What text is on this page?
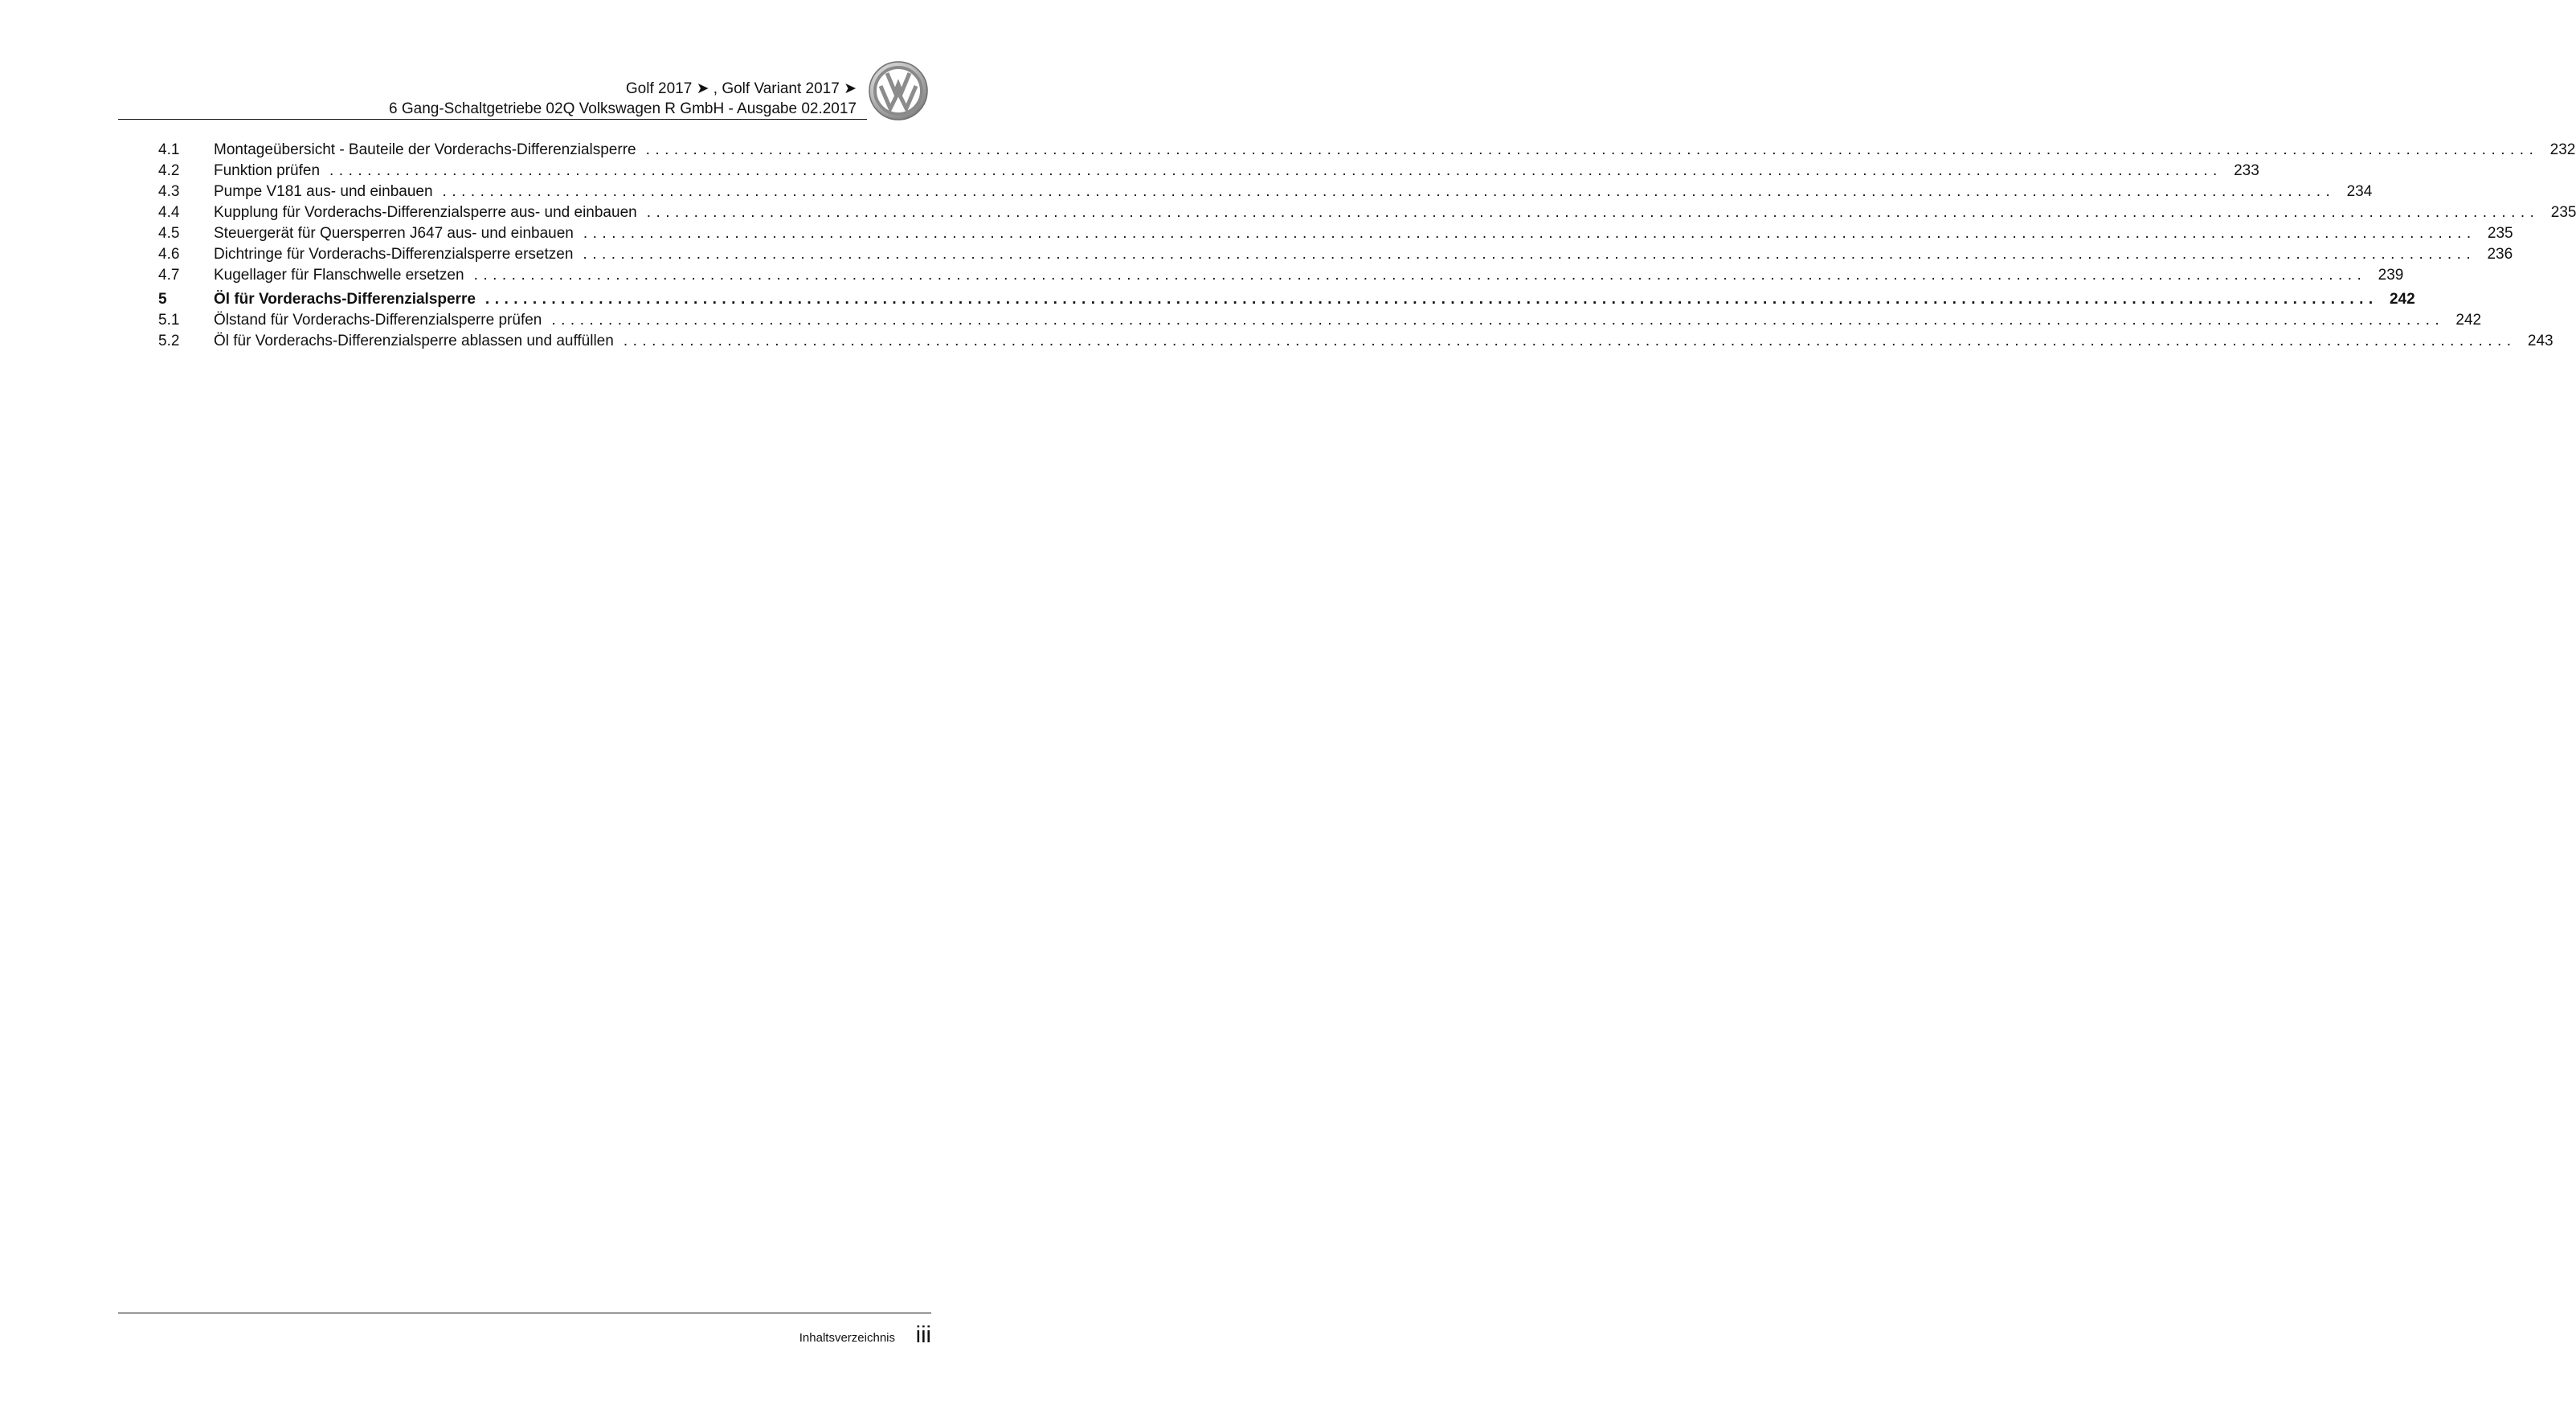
Golf 2017 ➤ , Golf Variant 2017 ➤
6 Gang-Schaltgetriebe 02Q Volkswagen R GmbH - Ausgabe 02.2017
4.1	Montageübersicht - Bauteile der Vorderachs-Differenzialsperre ........................................................................................................................................................................................................ 232
4.2	Funktion prüfen ........................................................................................................................................................................................................ 233
4.3	Pumpe V181 aus- und einbauen ........................................................................................................................................................................................................ 234
4.4	Kupplung für Vorderachs-Differenzialsperre aus- und einbauen ........................................................................................................................................................................................................ 235
4.5	Steuergerät für Quersperren J647 aus- und einbauen ........................................................................................................................................................................................................ 235
4.6	Dichtringe für Vorderachs-Differenzialsperre ersetzen ........................................................................................................................................................................................................ 236
4.7	Kugellager für Flanschwelle ersetzen ........................................................................................................................................................................................................ 239
5	Öl für Vorderachs-Differenzialsperre ........................................................................................................................................................................................................ 242
5.1	Ölstand für Vorderachs-Differenzialsperre prüfen ........................................................................................................................................................................................................ 242
5.2	Öl für Vorderachs-Differenzialsperre ablassen und auffüllen ........................................................................................................................................................................................................ 243
Inhaltsverzeichnis iii
